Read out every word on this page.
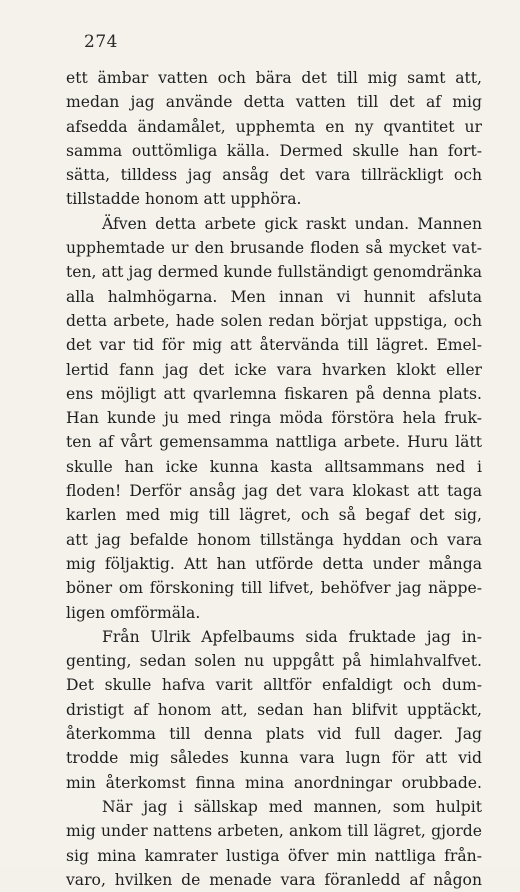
274
ett ämbar vatten och bära det till mig samt att,
medan jag använde detta vatten till det af mig
afsedda ändamålet, upphemta en ny qvantitet ur
samma outtömliga källa. Dermed skulle han fort-
sätta, tilldess jag ansåg det vara tillräckligt och
tillstadde honom att upphöra.
Äfven detta arbete gick raskt undan. Mannen
upphemtade ur den brusande floden så mycket vat-
ten, att jag dermed kunde fullständigt genomdränka
alla halmhögarna. Men innan vi hunnit afsluta
detta arbete, hade solen redan börjat uppstiga, och
det var tid för mig att återvända till lägret. Emel-
lertid fann jag det icke vara hvarken klokt eller
ens möjligt att qvarlemna fiskaren på denna plats.
Han kunde ju med ringa möda förstöra hela fruk-
ten af vårt gemensamma nattliga arbete. Huru lätt
skulle han icke kunna kasta alltsammans ned i
floden! Derför ansåg jag det vara klokast att taga
karlen med mig till lägret, och så begaf det sig,
att jag befalde honom tillstänga hyddan och vara
mig följaktig. Att han utförde detta under många
böner om förskoning till lifvet, behöfver jag näppe-
ligen omförmäla.
Från Ulrik Apfelbaums sida fruktade jag in-
genting, sedan solen nu uppgått på himlahvalfvet.
Det skulle hafva varit alltför enfaldigt och dum-
dristigt af honom att, sedan han blifvit upptäckt,
återkomma till denna plats vid full dager. Jag
trodde mig således kunna vara lugn för att vid
min återkomst finna mina anordningar orubbade.
När jag i sällskap med mannen, som hulpit
mig under nattens arbeten, ankom till lägret, gjorde
sig mina kamrater lustiga öfver min nattliga från-
varo, hvilken de menade vara föranledd af någon
